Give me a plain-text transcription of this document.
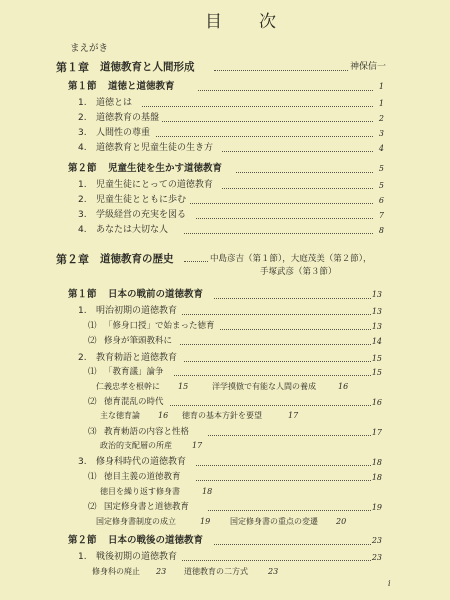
目　次
まえがき
第１章 道徳教育と人間形成	神保信一
第１節 道徳と道徳教育	1
1. 道徳とは	1
2. 道徳教育の基盤	2
3. 人間性の尊重	3
4. 道徳教育と児童生徒の生き方	4
第２節 児童生徒を生かす道徳教育	5
1. 児童生徒にとっての道徳教育	5
2. 児童生徒とともに歩む	6
3. 学級経営の充実を図る	7
4. あなたは大切な人	8
第２章 道徳教育の歴史	中島彦吉（第１節），大庭茂美（第２節），
手塚武彦（第３節）
第１節 日本の戦前の道徳教育	13
1. 明治初期の道徳教育	13
⑴ 「修身口授」で始まった徳育	13
⑵ 修身が筆頭教科に	14
2. 教育勅語と道徳教育	15
⑴ 「教育議」論争	15
仁義忠孝を根幹に 15	洋学摸倣で有能な人間の養成	16
⑵ 徳育混乱の時代	16
主な徳育論 16 徳育の基本方針を要望	17
⑶ 教育勅語の内容と性格	17
政治的支配層の所産	17
3. 修身科時代の道徳教育	18
⑴ 徳目主義の道徳教育	18
徳目を繰り返す修身書	18
⑵ 国定修身書と道徳教育	19
国定修身書制度の成立	19 国定修身書の重点の変遷 20
第２節 日本の戦後の道徳教育	23
1. 戦後初期の道徳教育	23
修身科の廃止 23 道徳教育の二方式	23
i
